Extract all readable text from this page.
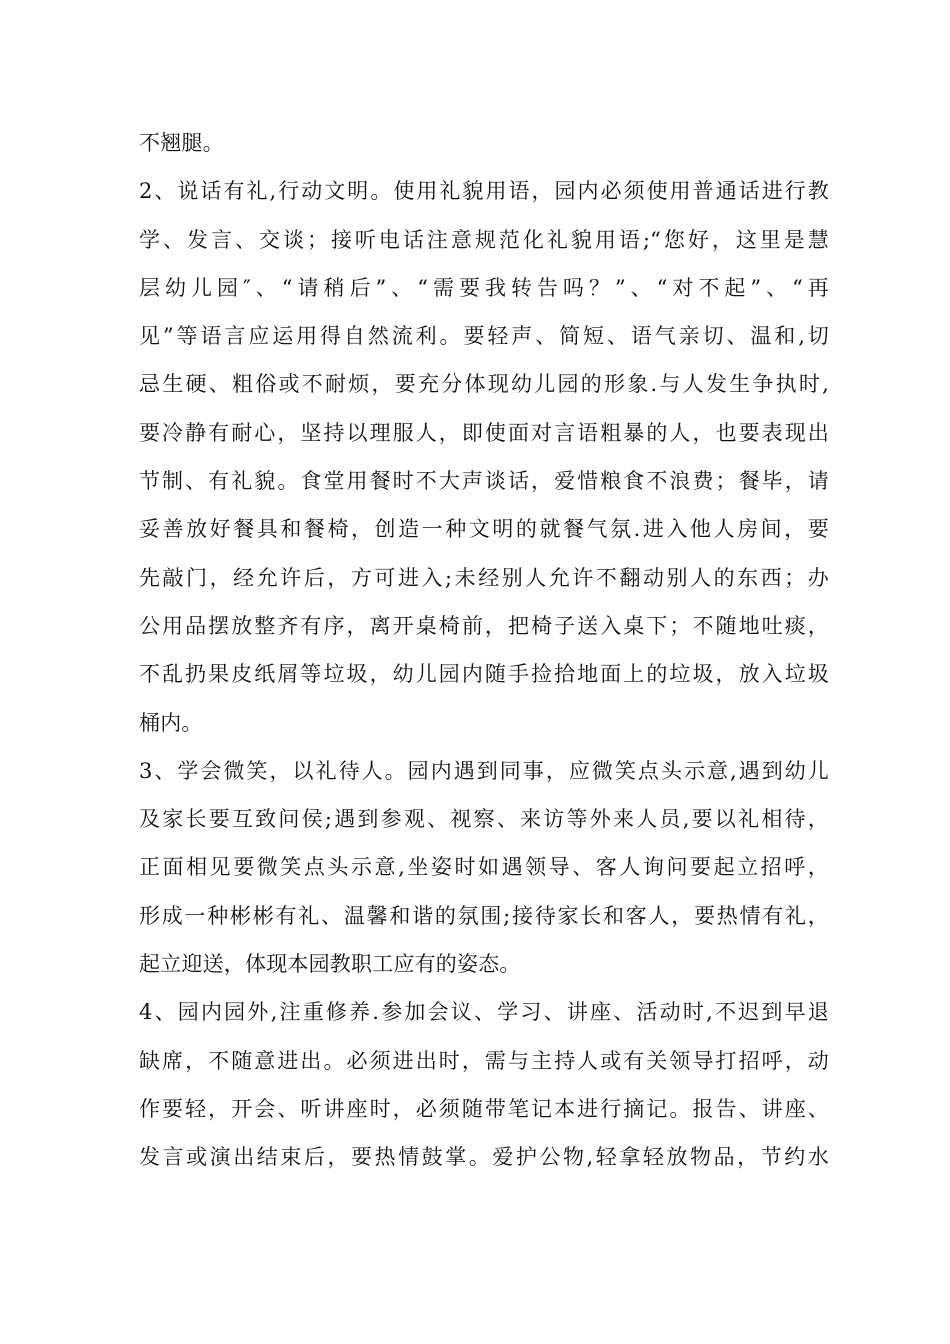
不翘腿。
2、说话有礼,行动文明。使用礼貌用语，园内必须使用普通话进行教
学、发言、交谈；接听电话注意规范化礼貌用语;“您好，这里是慧
层幼儿园″、“请稍后”、“需要我转告吗？”、“对不起”、“再
见”等语言应运用得自然流利。要轻声、简短、语气亲切、温和,切
忌生硬、粗俗或不耐烦，要充分体现幼儿园的形象.与人发生争执时,
要冷静有耐心，坚持以理服人，即使面对言语粗暴的人，也要表现出
节制、有礼貌。食堂用餐时不大声谈话，爱惜粮食不浪费；餐毕，请
妥善放好餐具和餐椅，创造一种文明的就餐气氛.进入他人房间，要
先敲门，经允许后，方可进入;未经别人允许不翻动别人的东西；办
公用品摆放整齐有序，离开桌椅前，把椅子送入桌下；不随地吐痰，
不乱扔果皮纸屑等垃圾，幼儿园内随手捡拾地面上的垃圾，放入垃圾
桶内。
3、学会微笑，以礼待人。园内遇到同事，应微笑点头示意,遇到幼儿
及家长要互致问侯;遇到参观、视察、来访等外来人员,要以礼相待，
正面相见要微笑点头示意,坐姿时如遇领导、客人询问要起立招呼，
形成一种彬彬有礼、温馨和谐的氛围;接待家长和客人，要热情有礼，
起立迎送，体现本园教职工应有的姿态。
4、园内园外,注重修养.参加会议、学习、讲座、活动时,不迟到早退
缺席，不随意进出。必须进出时，需与主持人或有关领导打招呼，动
作要轻，开会、听讲座时，必须随带笔记本进行摘记。报告、讲座、
发言或演出结束后，要热情鼓掌。爱护公物,轻拿轻放物品，节约水
